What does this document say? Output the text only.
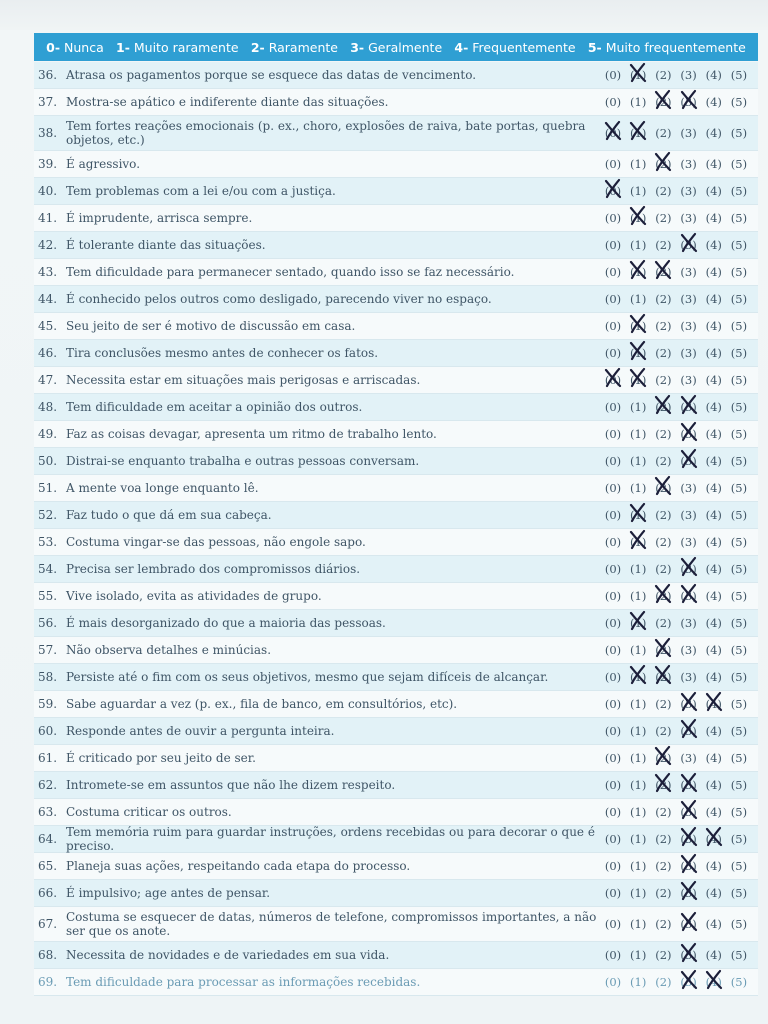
0- Nunca 1- Muito raramente 2- Raramente 3- Geralmente 4- Frequentemente 5- Muito frequentemente
36. Atrasa os pagamentos porque se esquece das datas de vencimento.	(0) (1) (2) (3) (4) (5)
37. Mostra-se apático e indiferente diante das situações.	(0) (1) (2) (3) (4) (5)
38. Tem fortes reações emocionais (p. ex., choro, explosões de raiva, bate portas, quebra objetos, etc.)	(0) (1) (2) (3) (4) (5)
39. É agressivo.	(0) (1) (2) (3) (4) (5)
40. Tem problemas com a lei e/ou com a justiça.	(0) (1) (2) (3) (4) (5)
41. É imprudente, arrisca sempre.	(0) (1) (2) (3) (4) (5)
42. É tolerante diante das situações.	(0) (1) (2) (3) (4) (5)
43. Tem dificuldade para permanecer sentado, quando isso se faz necessário.	(0) (1) (2) (3) (4) (5)
44. É conhecido pelos outros como desligado, parecendo viver no espaço.	(0) (1) (2) (3) (4) (5)
45. Seu jeito de ser é motivo de discussão em casa.	(0) (1) (2) (3) (4) (5)
46. Tira conclusões mesmo antes de conhecer os fatos.	(0) (1) (2) (3) (4) (5)
47. Necessita estar em situações mais perigosas e arriscadas.	(0) (1) (2) (3) (4) (5)
48. Tem dificuldade em aceitar a opinião dos outros.	(0) (1) (2) (3) (4) (5)
49. Faz as coisas devagar, apresenta um ritmo de trabalho lento.	(0) (1) (2) (3) (4) (5)
50. Distrai-se enquanto trabalha e outras pessoas conversam.	(0) (1) (2) (3) (4) (5)
51. A mente voa longe enquanto lê.	(0) (1) (2) (3) (4) (5)
52. Faz tudo o que dá em sua cabeça.	(0) (1) (2) (3) (4) (5)
53. Costuma vingar-se das pessoas, não engole sapo.	(0) (1) (2) (3) (4) (5)
54. Precisa ser lembrado dos compromissos diários.	(0) (1) (2) (3) (4) (5)
55. Vive isolado, evita as atividades de grupo.	(0) (1) (2) (3) (4) (5)
56. É mais desorganizado do que a maioria das pessoas.	(0) (1) (2) (3) (4) (5)
57. Não observa detalhes e minúcias.	(0) (1) (2) (3) (4) (5)
58. Persiste até o fim com os seus objetivos, mesmo que sejam difíceis de alcançar.	(0) (1) (2) (3) (4) (5)
59. Sabe aguardar a vez (p. ex., fila de banco, em consultórios, etc).	(0) (1) (2) (3) (4) (5)
60. Responde antes de ouvir a pergunta inteira.	(0) (1) (2) (3) (4) (5)
61. É criticado por seu jeito de ser.	(0) (1) (2) (3) (4) (5)
62. Intromete-se em assuntos que não lhe dizem respeito.	(0) (1) (2) (3) (4) (5)
63. Costuma criticar os outros.	(0) (1) (2) (3) (4) (5)
64. Tem memória ruim para guardar instruções, ordens recebidas ou para decorar o que é preciso.	(0) (1) (2) (3) (4) (5)
65. Planeja suas ações, respeitando cada etapa do processo.	(0) (1) (2) (3) (4) (5)
66. É impulsivo; age antes de pensar.	(0) (1) (2) (3) (4) (5)
67. Costuma se esquecer de datas, números de telefone, compromissos importantes, a não ser que os anote.	(0) (1) (2) (3) (4) (5)
68. Necessita de novidades e de variedades em sua vida.	(0) (1) (2) (3) (4) (5)
69. Tem dificuldade para processar as informações recebidas.	(0) (1) (2) (3) (4) (5)
